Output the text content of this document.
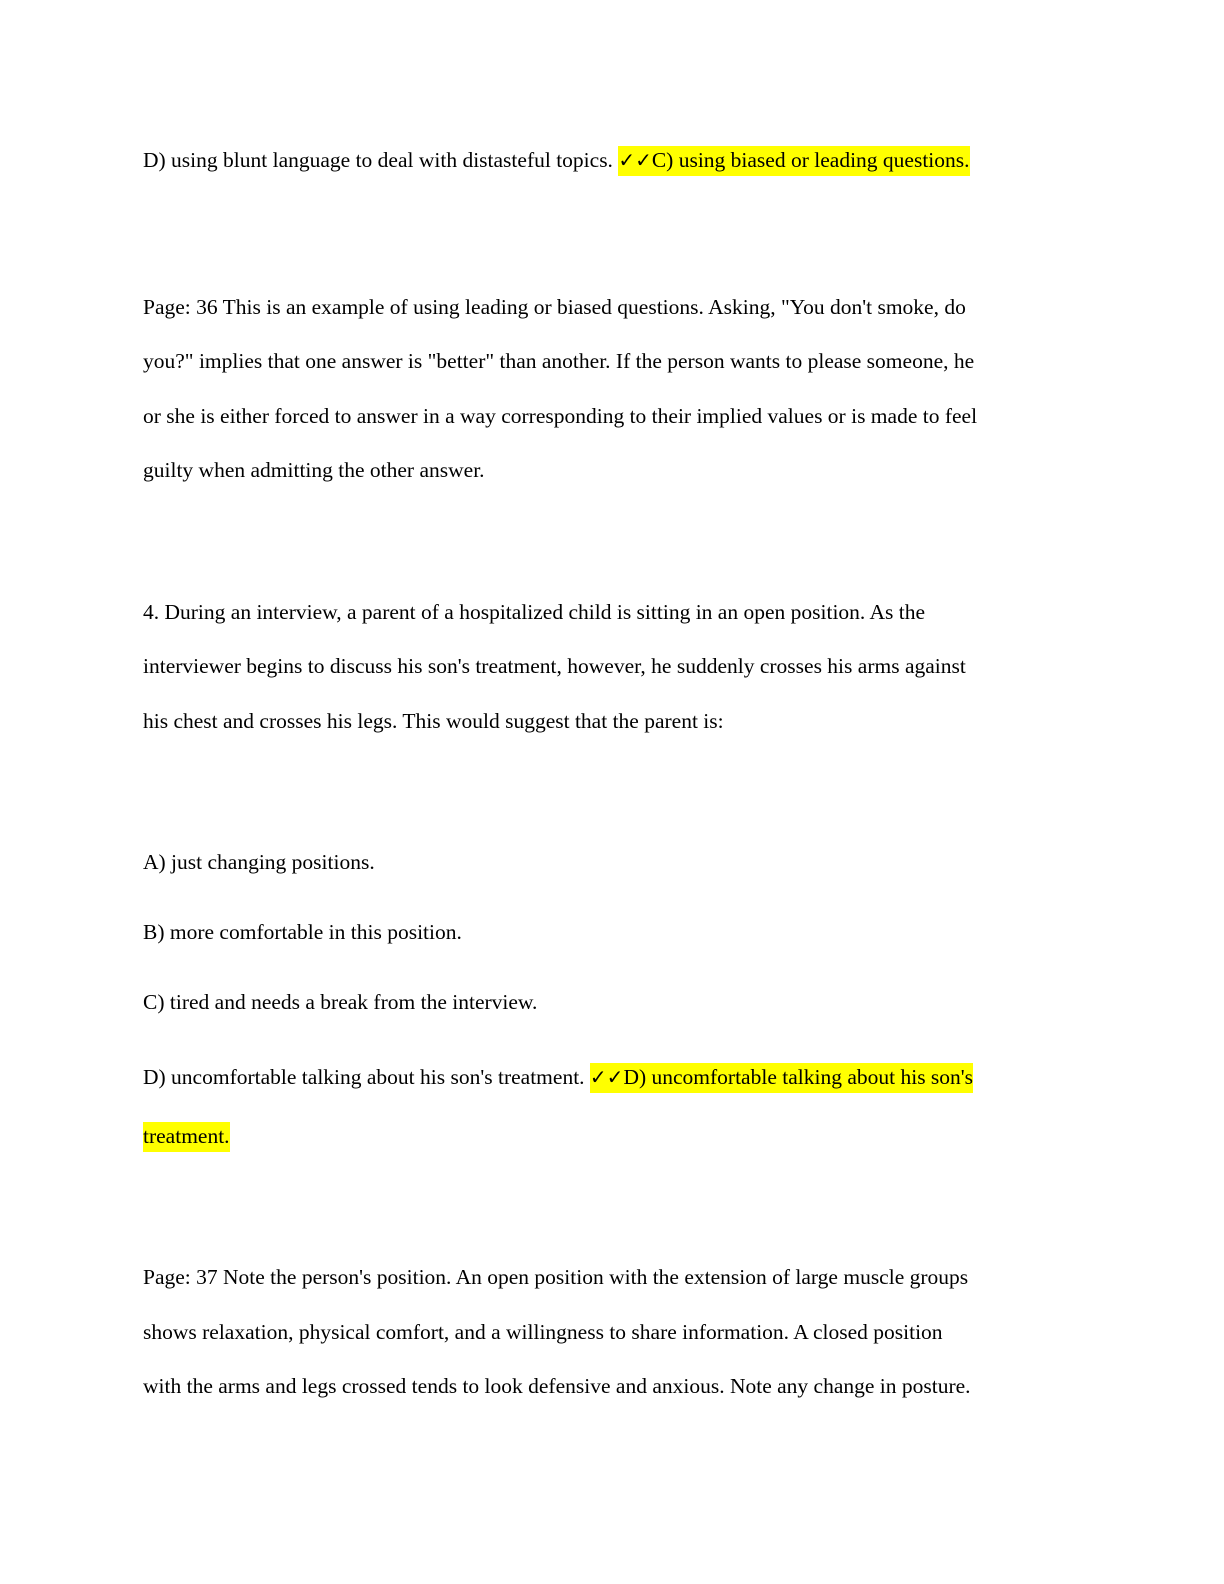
D) using blunt language to deal with distasteful topics. ✓✓C) using biased or leading questions.
Page: 36 This is an example of using leading or biased questions. Asking, "You don't smoke, do
you?" implies that one answer is "better" than another. If the person wants to please someone, he
or she is either forced to answer in a way corresponding to their implied values or is made to feel
guilty when admitting the other answer.
4. During an interview, a parent of a hospitalized child is sitting in an open position. As the
interviewer begins to discuss his son's treatment, however, he suddenly crosses his arms against
his chest and crosses his legs. This would suggest that the parent is:
A) just changing positions.
B) more comfortable in this position.
C) tired and needs a break from the interview.
D) uncomfortable talking about his son's treatment. ✓✓D) uncomfortable talking about his son's
treatment.
Page: 37 Note the person's position. An open position with the extension of large muscle groups
shows relaxation, physical comfort, and a willingness to share information. A closed position
with the arms and legs crossed tends to look defensive and anxious. Note any change in posture.
